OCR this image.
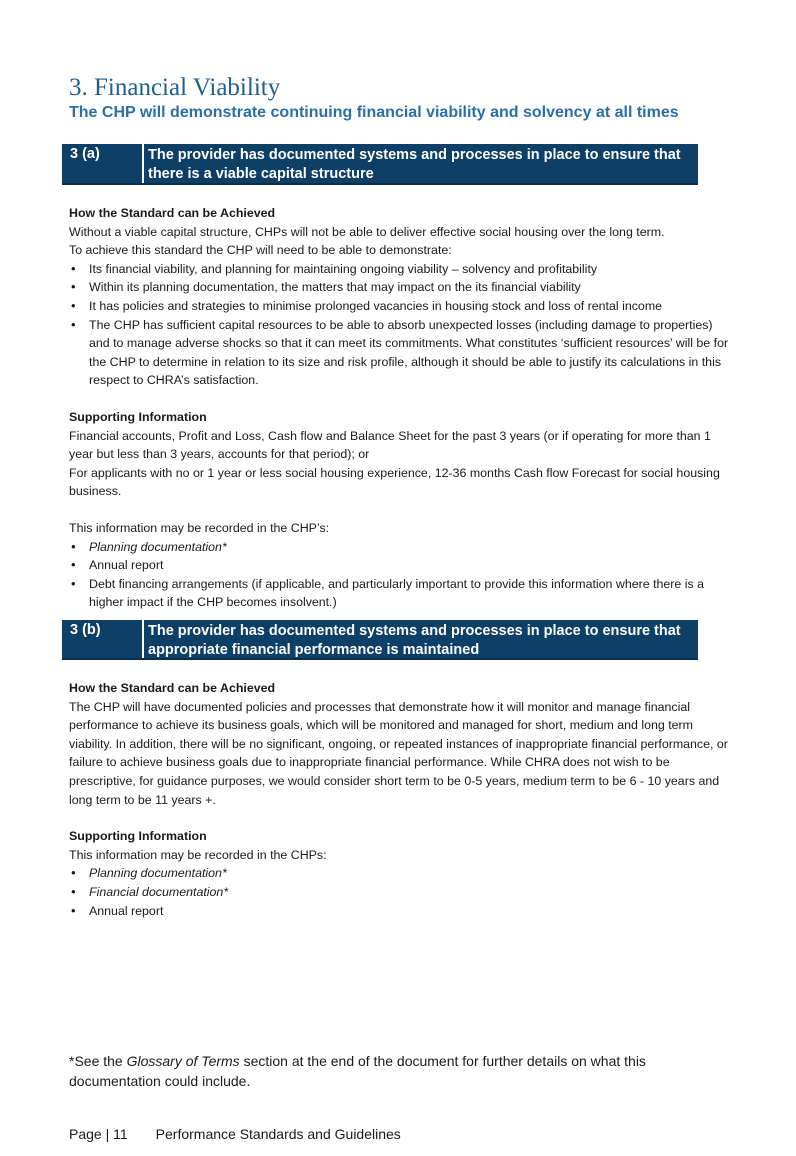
3. Financial Viability
The CHP will demonstrate continuing financial viability and solvency at all times
3 (a)	The provider has documented systems and processes in place to ensure that there is a viable capital structure

How the Standard can be Achieved

Without a viable capital structure, CHPs will not be able to deliver effective social housing over the long term.

To achieve this standard the CHP will need to be able to demonstrate:

• Its financial viability, and planning for maintaining ongoing viability – solvency and profitability
• Within its planning documentation, the matters that may impact on the its financial viability
• It has policies and strategies to minimise prolonged vacancies in housing stock and loss of rental income
• The CHP has sufficient capital resources to be able to absorb unexpected losses (including damage to properties) and to manage adverse shocks so that it can meet its commitments. What constitutes ‘sufficient resources’ will be for the CHP to determine in relation to its size and risk profile, although it should be able to justify its calculations in this respect to CHRA’s satisfaction.

Supporting Information

Financial accounts, Profit and Loss, Cash flow and Balance Sheet for the past 3 years (or if operating for more than 1 year but less than 3 years, accounts for that period); or

For applicants with no or 1 year or less social housing experience, 12-36 months Cash flow Forecast for social housing business.

This information may be recorded in the CHP’s:

• Planning documentation*
• Annual report
• Debt financing arrangements (if applicable, and particularly important to provide this information where there is a higher impact if the CHP becomes insolvent.)
3 (b)	The provider has documented systems and processes in place to ensure that appropriate financial performance is maintained

How the Standard can be Achieved

The CHP will have documented policies and processes that demonstrate how it will monitor and manage financial performance to achieve its business goals, which will be monitored and managed for short, medium and long term viability. In addition, there will be no significant, ongoing, or repeated instances of inappropriate financial performance, or failure to achieve business goals due to inappropriate financial performance. While CHRA does not wish to be prescriptive, for guidance purposes, we would consider short term to be 0-5 years, medium term to be 6 - 10 years and long term to be 11 years +.

Supporting Information

This information may be recorded in the CHPs:

• Planning documentation*
• Financial documentation*
• Annual report
*See the Glossary of Terms section at the end of the document for further details on what this documentation could include.
Page | 11 Performance Standards and Guidelines
